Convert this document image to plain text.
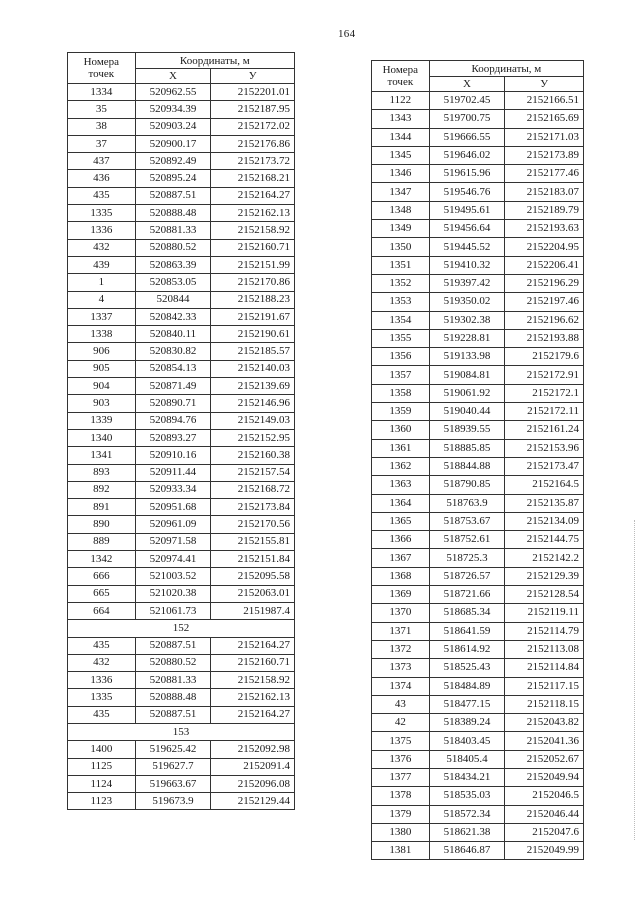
164
Номера
точек	Координаты, м	
	Х	У
1334	520962.55	2152201.01
35	520934.39	2152187.95
38	520903.24	2152172.02
37	520900.17	2152176.86
437	520892.49	2152173.72
436	520895.24	2152168.21
435	520887.51	2152164.27
1335	520888.48	2152162.13
1336	520881.33	2152158.92
432	520880.52	2152160.71
439	520863.39	2152151.99
1	520853.05	2152170.86
4	520844	2152188.23
1337	520842.33	2152191.67
1338	520840.11	2152190.61
906	520830.82	2152185.57
905	520854.13	2152140.03
904	520871.49	2152139.69
903	520890.71	2152146.96
1339	520894.76	2152149.03
1340	520893.27	2152152.95
1341	520910.16	2152160.38
893	520911.44	2152157.54
892	520933.34	2152168.72
891	520951.68	2152173.84
890	520961.09	2152170.56
889	520971.58	2152155.81
1342	520974.41	2152151.84
666	521003.52	2152095.58
665	521020.38	2152063.01
664	521061.73	2151987.4
152		
435	520887.51	2152164.27
432	520880.52	2152160.71
1336	520881.33	2152158.92
1335	520888.48	2152162.13
435	520887.51	2152164.27
153		
1400	519625.42	2152092.98
1125	519627.7	2152091.4
1124	519663.67	2152096.08
1123	519673.9	2152129.44
Номера
точек	Координаты, м	
	Х	У
1122	519702.45	2152166.51
1343	519700.75	2152165.69
1344	519666.55	2152171.03
1345	519646.02	2152173.89
1346	519615.96	2152177.46
1347	519546.76	2152183.07
1348	519495.61	2152189.79
1349	519456.64	2152193.63
1350	519445.52	2152204.95
1351	519410.32	2152206.41
1352	519397.42	2152196.29
1353	519350.02	2152197.46
1354	519302.38	2152196.62
1355	519228.81	2152193.88
1356	519133.98	2152179.6
1357	519084.81	2152172.91
1358	519061.92	2152172.1
1359	519040.44	2152172.11
1360	518939.55	2152161.24
1361	518885.85	2152153.96
1362	518844.88	2152173.47
1363	518790.85	2152164.5
1364	518763.9	2152135.87
1365	518753.67	2152134.09
1366	518752.61	2152144.75
1367	518725.3	2152142.2
1368	518726.57	2152129.39
1369	518721.66	2152128.54
1370	518685.34	2152119.11
1371	518641.59	2152114.79
1372	518614.92	2152113.08
1373	518525.43	2152114.84
1374	518484.89	2152117.15
43	518477.15	2152118.15
42	518389.24	2152043.82
1375	518403.45	2152041.36
1376	518405.4	2152052.67
1377	518434.21	2152049.94
1378	518535.03	2152046.5
1379	518572.34	2152046.44
1380	518621.38	2152047.6
1381	518646.87	2152049.99
